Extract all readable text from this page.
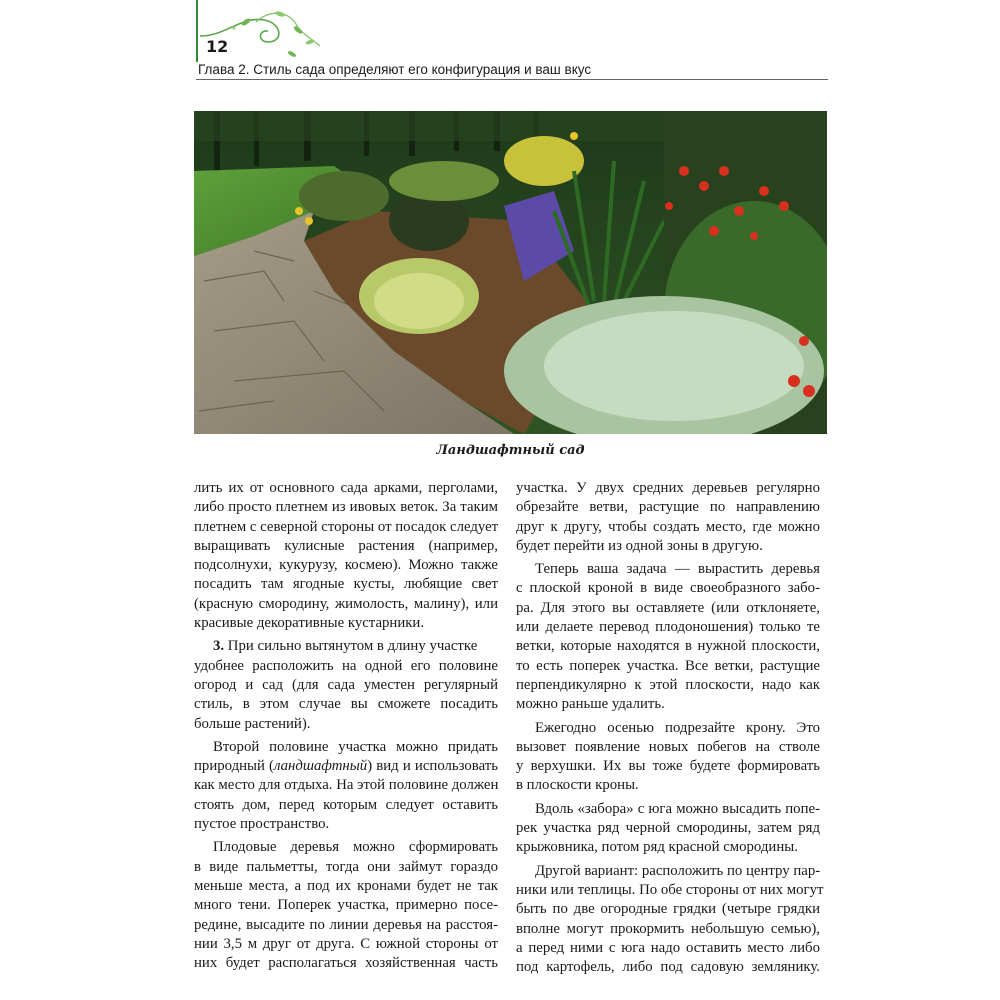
12
Глава 2. Стиль сада определяют его конфигурация и ваш вкус
Ландшафтный сад
лить их от основного сада арками, перголами,
либо просто плетнем из ивовых веток. За таким
плетнем с северной стороны от посадок следует
выращивать кулисные растения (например,
подсолнухи, кукурузу, космею). Можно также
посадить там ягодные кусты, любящие свет
(красную смородину, жимолость, малину), или
красивые декоративные кустарники.
3. При сильно вытянутом в длину участке
удобнее расположить на одной его половине
огород и сад (для сада уместен регулярный
стиль, в этом случае вы сможете посадить
больше растений).
Второй половине участка можно придать
природный (ландшафтный) вид и использовать
как место для отдыха. На этой половине должен
стоять дом, перед которым следует оставить
пустое пространство.
Плодовые деревья можно сформировать
в виде пальметты, тогда они займут гораздо
меньше места, а под их кронами будет не так
много тени. Поперек участка, примерно посе-
редине, высадите по линии деревья на расстоя-
нии 3,5 м друг от друга. С южной стороны от
них будет располагаться хозяйственная часть
участка. У двух средних деревьев регулярно
обрезайте ветви, растущие по направлению
друг к другу, чтобы создать место, где можно
будет перейти из одной зоны в другую.
Теперь ваша задача — вырастить деревья
с плоской кроной в виде своеобразного забо-
ра. Для этого вы оставляете (или отклоняете,
или делаете перевод плодоношения) только те
ветки, которые находятся в нужной плоскости,
то есть поперек участка. Все ветки, растущие
перпендикулярно к этой плоскости, надо как
можно раньше удалить.
Ежегодно осенью подрезайте крону. Это
вызовет появление новых побегов на стволе
у верхушки. Их вы тоже будете формировать
в плоскости кроны.
Вдоль «забора» с юга можно высадить попе-
рек участка ряд черной смородины, затем ряд
крыжовника, потом ряд красной смородины.
Другой вариант: расположить по центру пар-
ники или теплицы. По обе стороны от них могут
быть по две огородные грядки (четыре грядки
вполне могут прокормить небольшую семью),
а перед ними с юга надо оставить место либо
под картофель, либо под садовую землянику.
